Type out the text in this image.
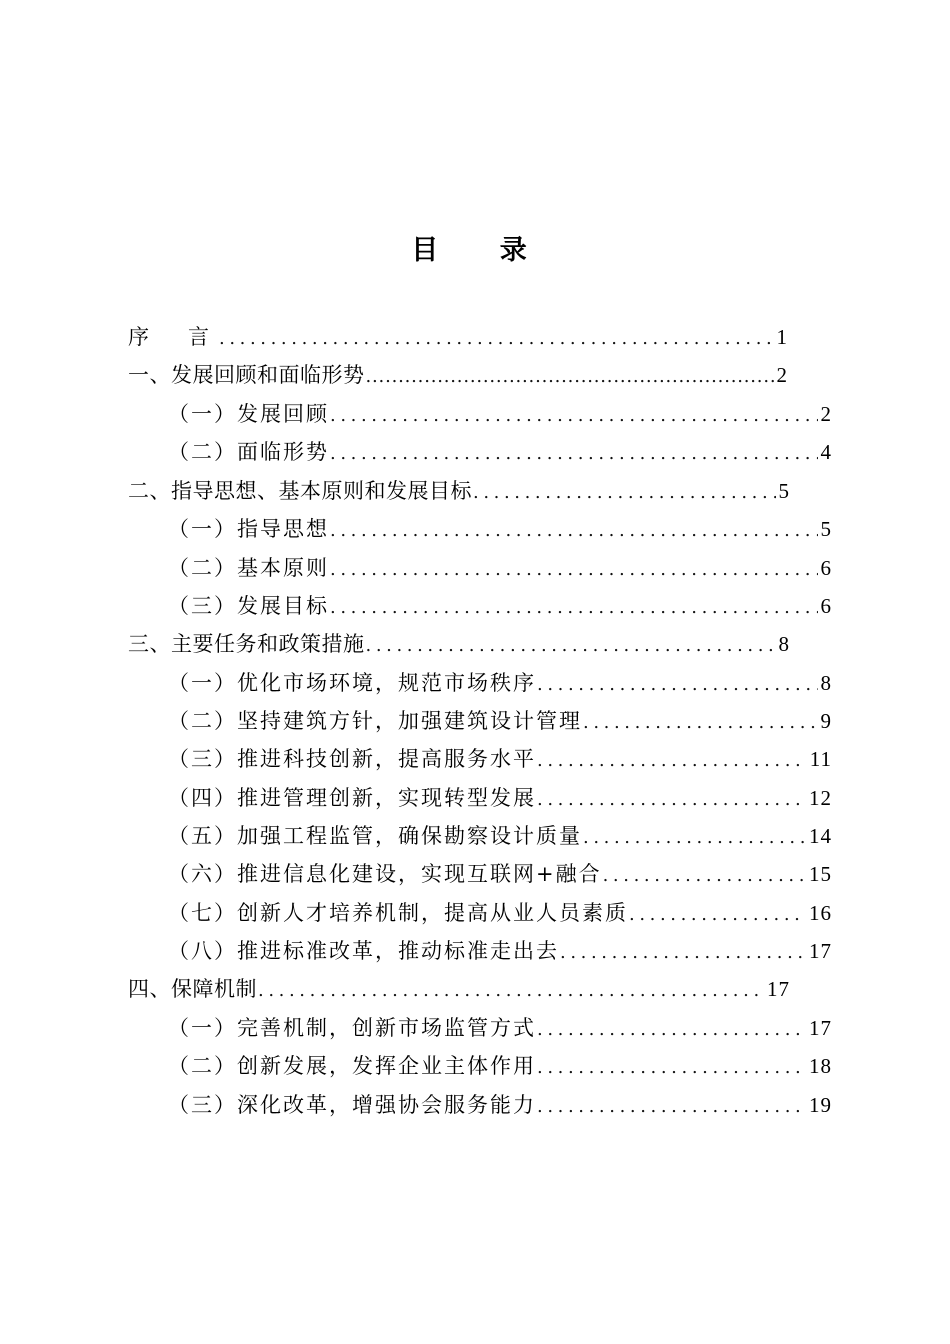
目 录
序　言 .....	1
一、发展回顾和面临形势 .....	2
（一）发展回顾 .....	2
（二）面临形势 .....	4
二、指导思想、基本原则和发展目标 .....	5
（一）指导思想 .....	5
（二）基本原则 .....	6
（三）发展目标 .....	6
三、主要任务和政策措施 .....	8
（一）优化市场环境，规范市场秩序 .....	8
（二）坚持建筑方针，加强建筑设计管理 .....	9
（三）推进科技创新，提高服务水平 .....	11
（四）推进管理创新，实现转型发展 .....	12
（五）加强工程监管，确保勘察设计质量 .....	14
（六）推进信息化建设，实现互联网+融合 .....	15
（七）创新人才培养机制，提高从业人员素质 .....	16
（八）推进标准改革，推动标准走出去 .....	17
四、保障机制 .....	17
（一）完善机制，创新市场监管方式 .....	17
（二）创新发展，发挥企业主体作用 .....	18
（三）深化改革，增强协会服务能力 .....	19
